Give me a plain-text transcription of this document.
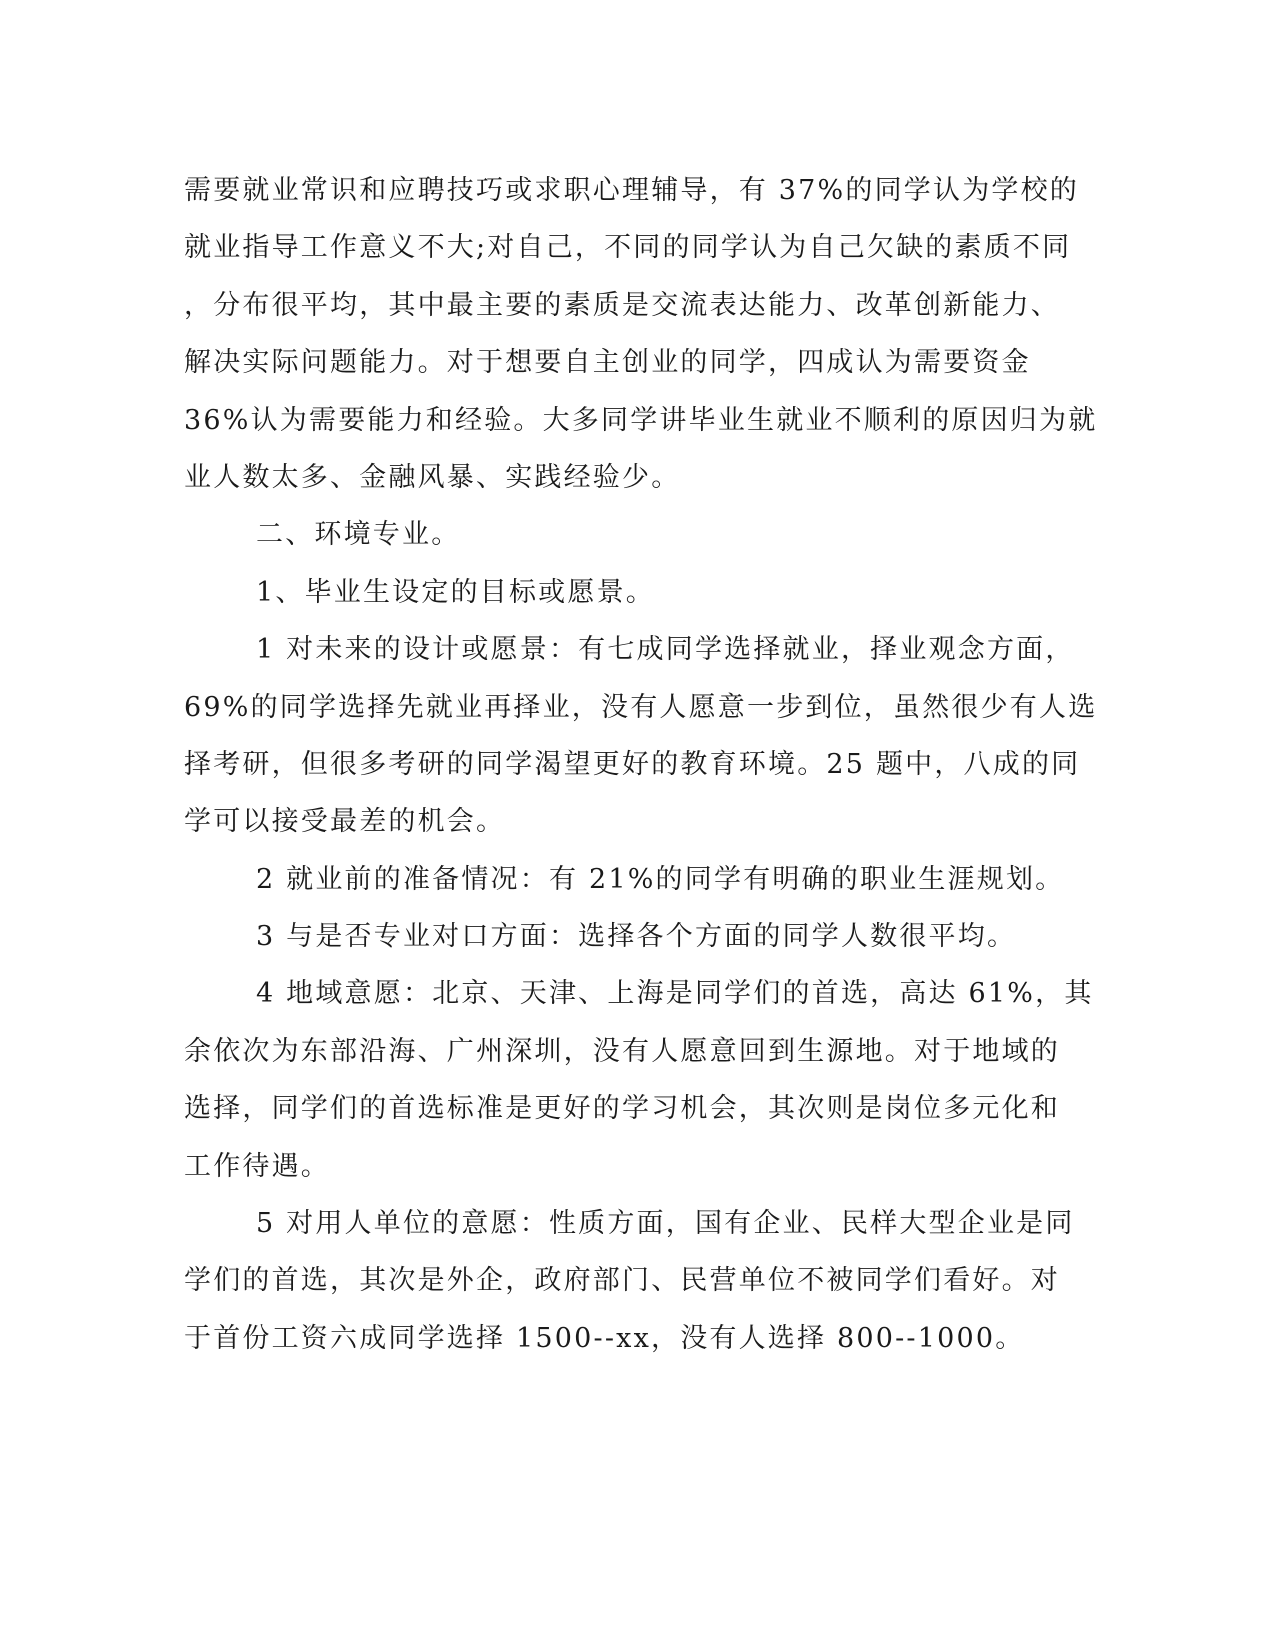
需要就业常识和应聘技巧或求职心理辅导，有 37%的同学认为学校的
就业指导工作意义不大;对自己，不同的同学认为自己欠缺的素质不同
，分布很平均，其中最主要的素质是交流表达能力、改革创新能力、
解决实际问题能力。对于想要自主创业的同学，四成认为需要资金
36%认为需要能力和经验。大多同学讲毕业生就业不顺利的原因归为就
业人数太多、金融风暴、实践经验少。
二、环境专业。
1、毕业生设定的目标或愿景。
1 对未来的设计或愿景：有七成同学选择就业，择业观念方面，
69%的同学选择先就业再择业，没有人愿意一步到位，虽然很少有人选
择考研，但很多考研的同学渴望更好的教育环境。25 题中，八成的同
学可以接受最差的机会。
2 就业前的准备情况：有 21%的同学有明确的职业生涯规划。
3 与是否专业对口方面：选择各个方面的同学人数很平均。
4 地域意愿：北京、天津、上海是同学们的首选，高达 61%，其
余依次为东部沿海、广州深圳，没有人愿意回到生源地。对于地域的
选择，同学们的首选标准是更好的学习机会，其次则是岗位多元化和
工作待遇。
5 对用人单位的意愿：性质方面，国有企业、民样大型企业是同
学们的首选，其次是外企，政府部门、民营单位不被同学们看好。对
于首份工资六成同学选择 1500--xx，没有人选择 800--1000。
